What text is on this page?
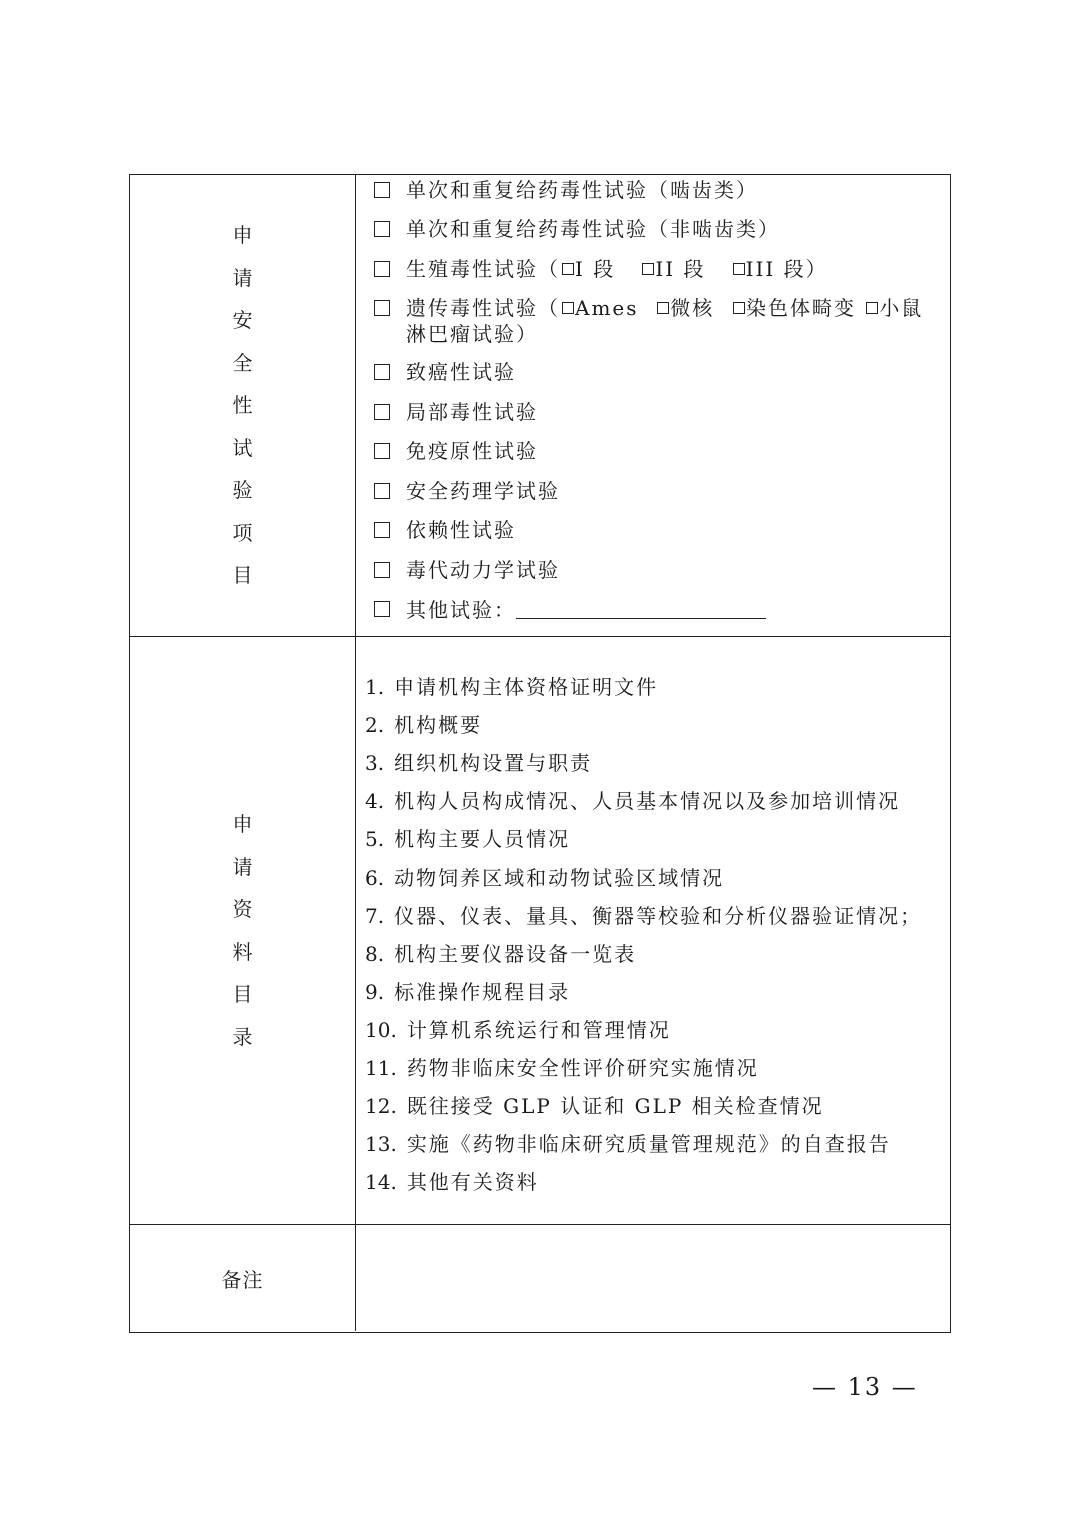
申请安全性试验项目
单次和重复给药毒性试验（啮齿类）
单次和重复给药毒性试验（非啮齿类）
生殖毒性试验（ I 段 II 段 III 段）
遗传毒性试验（ Ames 微核 染色体畸变 小鼠淋巴瘤试验）
致癌性试验
局部毒性试验
免疫原性试验
安全药理学试验
依赖性试验
毒代动力学试验
其他试验：
申请资料目录
1. 申请机构主体资格证明文件
2. 机构概要
3. 组织机构设置与职责
4. 机构人员构成情况、人员基本情况以及参加培训情况
5. 机构主要人员情况
6. 动物饲养区域和动物试验区域情况
7. 仪器、仪表、量具、衡器等校验和分析仪器验证情况；
8. 机构主要仪器设备一览表
9. 标准操作规程目录
10. 计算机系统运行和管理情况
11. 药物非临床安全性评价研究实施情况
12. 既往接受 GLP 认证和 GLP 相关检查情况
13. 实施《药物非临床研究质量管理规范》的自查报告
14. 其他有关资料
备注
— 13 —
